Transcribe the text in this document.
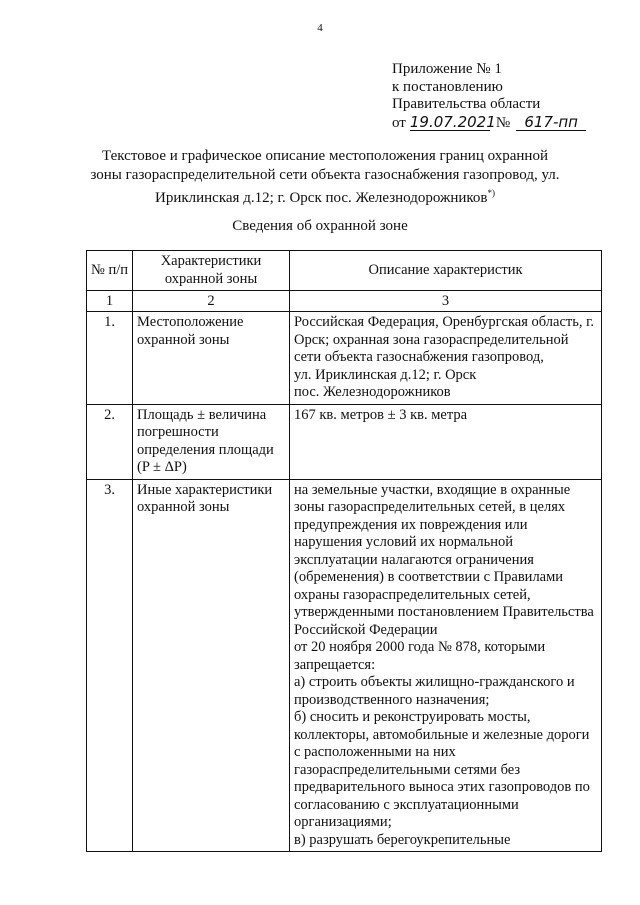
4
Приложение № 1
к постановлению
Правительства области
от 19.07.2021 № 617-пп
Текстовое и графическое описание местоположения границ охранной зоны газораспределительной сети объекта газоснабжения газопровод, ул. Ириклинская д.12; г. Орск пос. Железнодорожников*)
Сведения об охранной зоне
№ п/п	Характеристики охранной зоны	Описание характеристик
1	2	3
1.	Местоположение охранной зоны	Российская Федерация, Оренбургская область, г. Орск; охранная зона газораспределительной сети объекта газоснабжения газопровод,
ул. Ириклинская д.12; г. Орск
пос. Железнодорожников
2.	Площадь ± величина погрешности определения площади (P ± ΔP)	167 кв. метров ± 3 кв. метра
3.	Иные характеристики охранной зоны	на земельные участки, входящие в охранные зоны газораспределительных сетей, в целях предупреждения их повреждения или нарушения условий их нормальной эксплуатации налагаются ограничения (обременения) в соответствии с Правилами охраны газораспределительных сетей, утвержденными постановлением Правительства Российской Федерации
от 20 ноября 2000 года № 878, которыми запрещается:
а) строить объекты жилищно-гражданского и производственного назначения;
б) сносить и реконструировать мосты, коллекторы, автомобильные и железные дороги с расположенными на них газораспределительными сетями без предварительного выноса этих газопроводов по согласованию с эксплуатационными организациями;
в) разрушать берегоукрепительные
